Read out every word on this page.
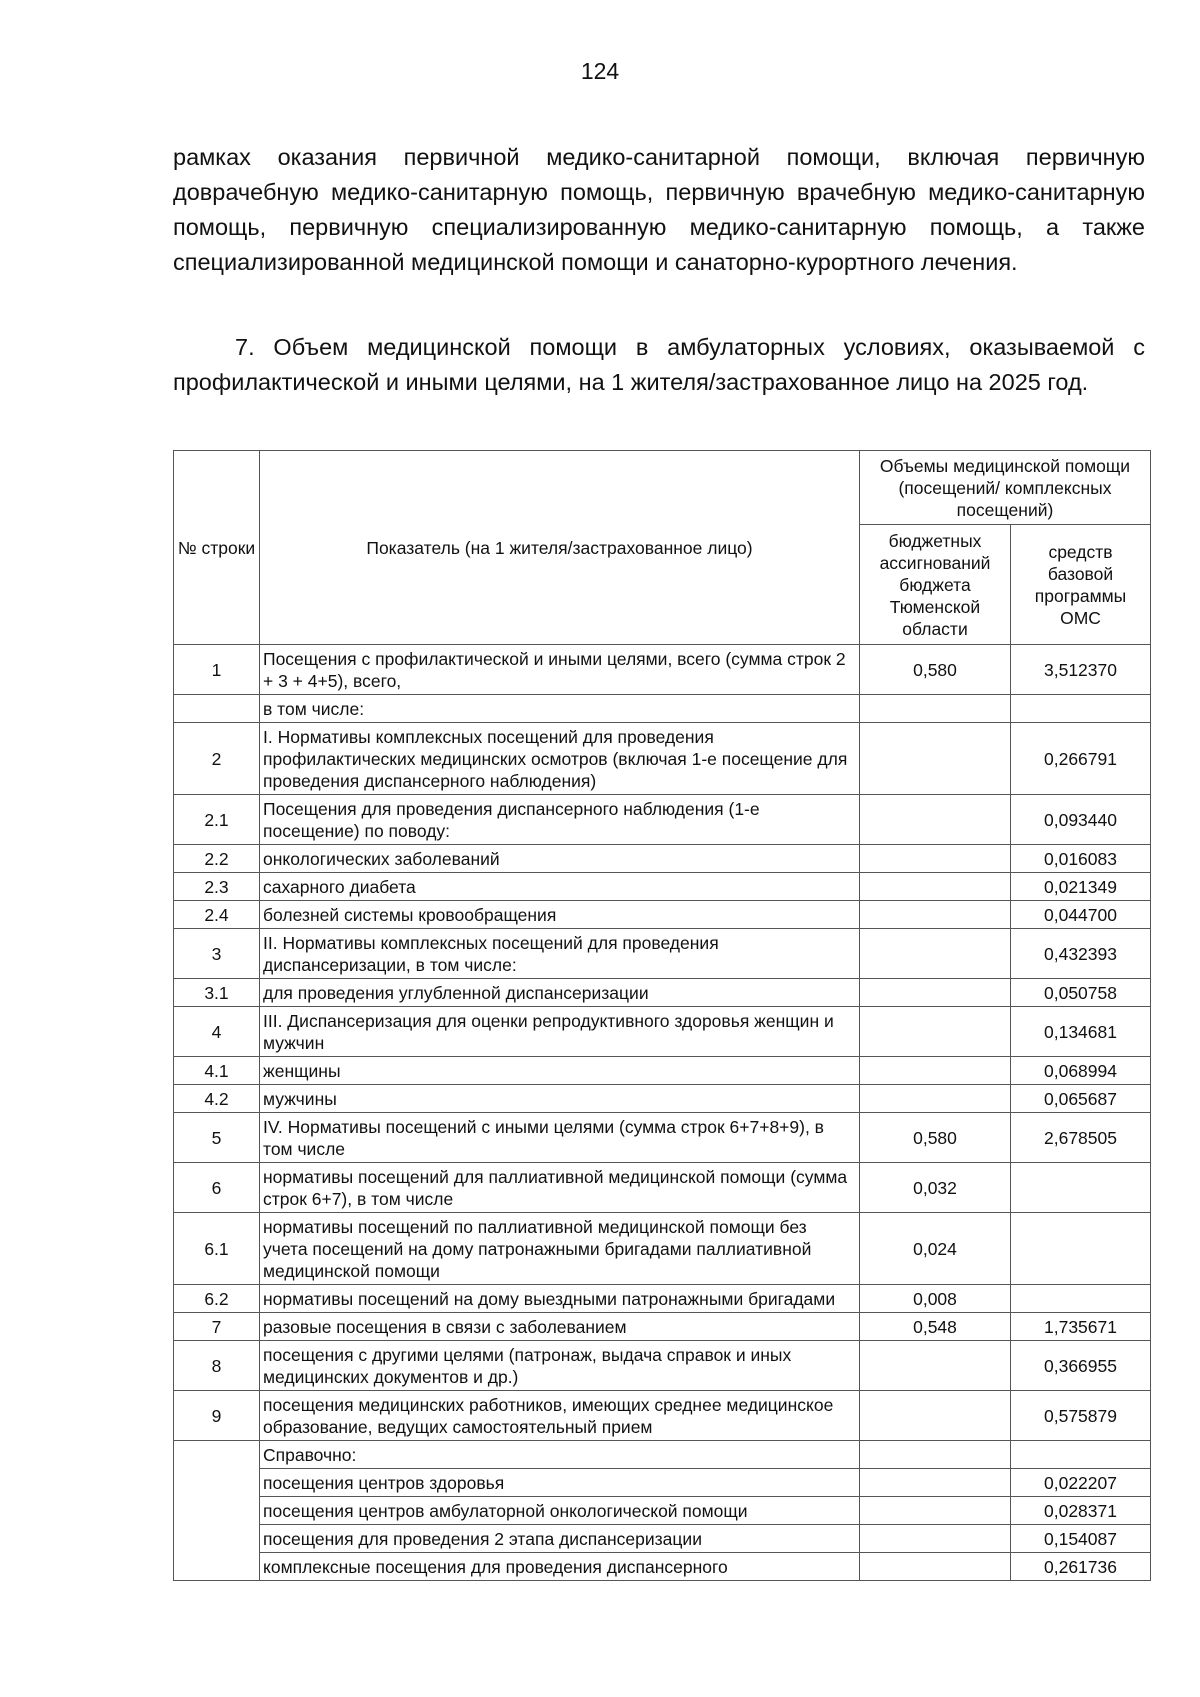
124

рамках оказания первичной медико-санитарной помощи, включая первичную доврачебную медико-санитарную помощь, первичную врачебную медико-санитарную помощь, первичную специализированную медико-санитарную помощь, а также специализированной медицинской помощи и санаторно-курортного лечения.

7. Объем медицинской помощи в амбулаторных условиях, оказываемой с профилактической и иными целями, на 1 жителя/застрахованное лицо на 2025 год.

№ строки	Показатель (на 1 жителя/застрахованное лицо)	Объемы медицинской помощи (посещений/ комплексных посещений)	
		бюджетных ассигнований бюджета Тюменской области	средств базовой программы ОМС
1	Посещения с профилактической и иными целями, всего (сумма строк 2 + 3 + 4+5), всего,	0,580	3,512370
	в том числе:		
2	I. Нормативы комплексных посещений для проведения профилактических медицинских осмотров (включая 1-е посещение для проведения диспансерного наблюдения)		0,266791
2.1	Посещения для проведения диспансерного наблюдения (1-е посещение) по поводу:		0,093440
2.2	онкологических заболеваний		0,016083
2.3	сахарного диабета		0,021349
2.4	болезней системы кровообращения		0,044700
3	II. Нормативы комплексных посещений для проведения диспансеризации, в том числе:		0,432393
3.1	для проведения углубленной диспансеризации		0,050758
4	III. Диспансеризация для оценки репродуктивного здоровья женщин и мужчин		0,134681
4.1	женщины		0,068994
4.2	мужчины		0,065687
5	IV. Нормативы посещений с иными целями (сумма строк 6+7+8+9), в том числе	0,580	2,678505
6	нормативы посещений для паллиативной медицинской помощи (сумма строк 6+7), в том числе	0,032	
6.1	нормативы посещений по паллиативной медицинской помощи без учета посещений на дому патронажными бригадами паллиативной медицинской помощи	0,024	
6.2	нормативы посещений на дому выездными патронажными бригадами	0,008	
7	разовые посещения в связи с заболеванием	0,548	1,735671
8	посещения с другими целями (патронаж, выдача справок и иных медицинских документов и др.)		0,366955
9	посещения медицинских работников, имеющих среднее медицинское образование, ведущих самостоятельный прием		0,575879
	Справочно:		
	посещения центров здоровья		0,022207
	посещения центров амбулаторной онкологической помощи		0,028371
	посещения для проведения 2 этапа диспансеризации		0,154087
	комплексные посещения для проведения диспансерного		0,261736
